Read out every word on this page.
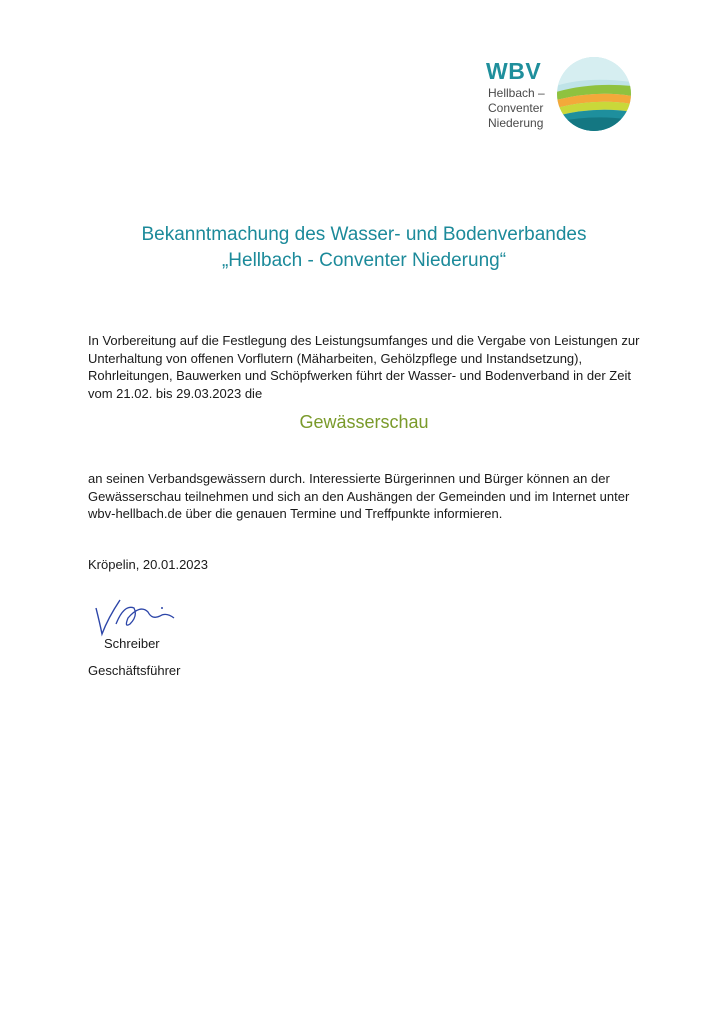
WBV
Hellbach –
Conventer
Niederung
Bekanntmachung des Wasser- und Bodenverbandes
„Hellbach - Conventer Niederung“
In Vorbereitung auf die Festlegung des Leistungsumfanges und die Vergabe von Leistungen zur Unterhaltung von offenen Vorflutern (Mäharbeiten, Gehölzpflege und Instandsetzung), Rohrleitungen, Bauwerken und Schöpfwerken führt der Wasser- und Bodenverband in der Zeit vom 21.02. bis 29.03.2023 die
Gewässerschau
an seinen Verbandsgewässern durch. Interessierte Bürgerinnen und Bürger können an der Gewässerschau teilnehmen und sich an den Aushängen der Gemeinden und im Internet unter wbv-hellbach.de über die genauen Termine und Treffpunkte informieren.
Kröpelin, 20.01.2023
Schreiber
Geschäftsführer
